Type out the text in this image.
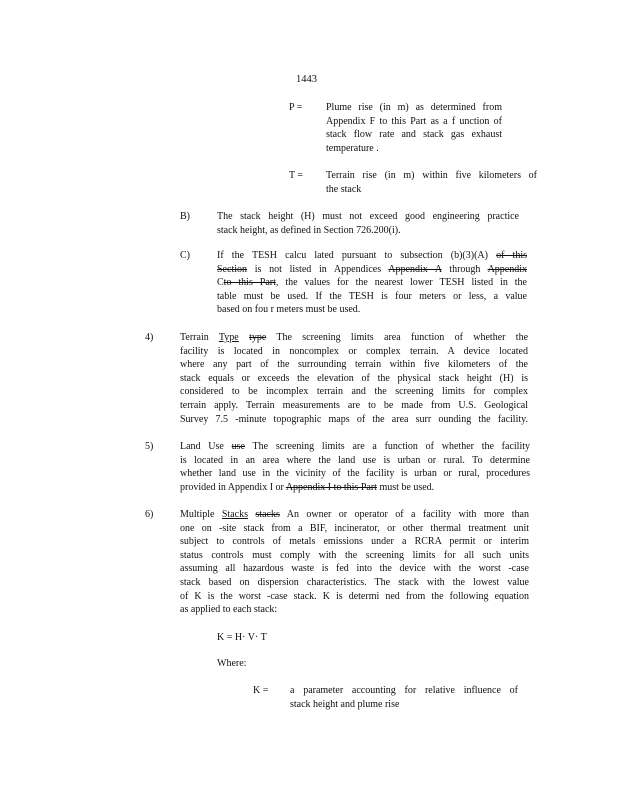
1443
P = Plume rise (in m) as determined from
Appendix F to this Part as a f unction of
stack flow rate and stack gas exhaust
temperature .
T = Terrain rise (in m) within five kilometers of
the stack
B)	The stack height (H) must not exceed good engineering practice
stack height, as defined in Section 726.200(i).
C)	If the TESH calcu lated pursuant to subsection (b)(3)(A) of this
Section is not listed in Appendices Appendix A through Appendix
Cto this Part, the values for the nearest lower TESH listed in the
table must be used. If the TESH is four meters or less, a value
based on fou r meters must be used.
4)	Terrain Type type The screening limits area function of whether the
facility is located in noncomplex or complex terrain. A device located
where any part of the surrounding terrain within five kilometers of the
stack equals or exceeds the elevation of the physical stack height (H) is
considered to be incomplex terrain and the screening limits for complex
terrain apply. Terrain measurements are to be made from U.S. Geological
Survey 7.5 -minute topographic maps of the area surr ounding the facility.
5)	Land Use use The screening limits are a function of whether the facility
is located in an area where the land use is urban or rural. To determine
whether land use in the vicinity of the facility is urban or rural, procedures
provided in Appendix I or Appendix I to this Part must be used.
6)	Multiple Stacks stacks An owner or operator of a facility with more than
one on -site stack from a BIF, incinerator, or other thermal treatment unit
subject to controls of metals emissions under a RCRA permit or interim
status controls must comply with the screening limits for all such units
assuming all hazardous waste is fed into the device with the worst -case
stack based on dispersion characteristics. The stack with the lowest value
of K is the worst -case stack. K is determi ned from the following equation
as applied to each stack:
K = H· V· T
Where:
K = a parameter accounting for relative influence of
stack height and plume rise
